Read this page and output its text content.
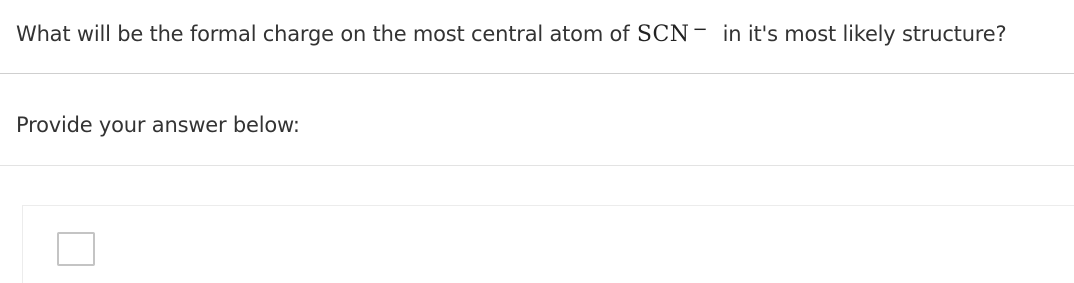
What will be the formal charge on the most central atom of SCN − in it's most likely structure?
Provide your answer below:
